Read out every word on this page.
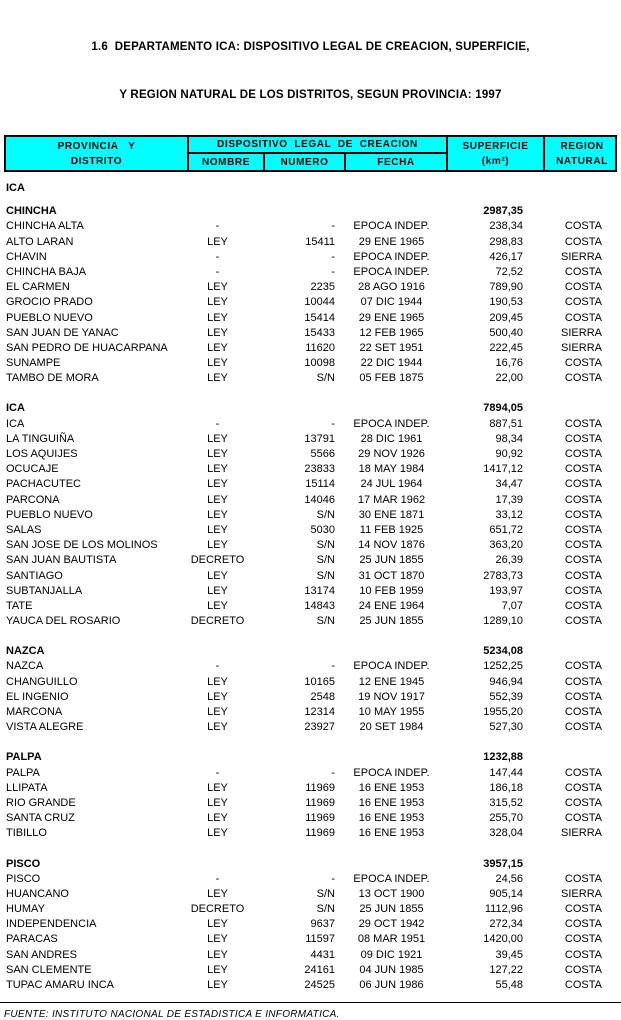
1.6  DEPARTAMENTO ICA: DISPOSITIVO LEGAL DE CREACION, SUPERFICIE,

Y REGION NATURAL DE LOS DISTRITOS, SEGUN PROVINCIA: 1997

PROVINCIA   Y
DISTRITO
DISPOSITIVO  LEGAL  DE  CREACION
NOMBRE	NUMERO	FECHA
SUPERFICIE
(km²)
REGION
NATURAL
ICA
CHINCHA	2987,35
CHINCHA ALTA	-	-	EPOCA INDEP.	238,34	COSTA
ALTO LARAN	LEY	15411	29 ENE 1965	298,83	COSTA
CHAVIN	-	-	EPOCA INDEP.	426,17	SIERRA
CHINCHA BAJA	-	-	EPOCA INDEP.	72,52	COSTA
EL CARMEN	LEY	2235	28 AGO 1916	789,90	COSTA
GROCIO PRADO	LEY	10044	07 DIC 1944	190,53	COSTA
PUEBLO NUEVO	LEY	15414	29 ENE 1965	209,45	COSTA
SAN JUAN DE YANAC	LEY	15433	12 FEB 1965	500,40	SIERRA
SAN PEDRO DE HUACARPANA	LEY	11620	22 SET 1951	222,45	SIERRA
SUNAMPE	LEY	10098	22 DIC 1944	16,76	COSTA
TAMBO DE MORA	LEY	S/N	05 FEB 1875	22,00	COSTA
ICA	7894,05
ICA	-	-	EPOCA INDEP.	887,51	COSTA
LA TINGUIÑA	LEY	13791	28 DIC 1961	98,34	COSTA
LOS AQUIJES	LEY	5566	29 NOV 1926	90,92	COSTA
OCUCAJE	LEY	23833	18 MAY 1984	1417,12	COSTA
PACHACUTEC	LEY	15114	24 JUL 1964	34,47	COSTA
PARCONA	LEY	14046	17 MAR 1962	17,39	COSTA
PUEBLO NUEVO	LEY	S/N	30 ENE 1871	33,12	COSTA
SALAS	LEY	5030	11 FEB 1925	651,72	COSTA
SAN JOSE DE LOS MOLINOS	LEY	S/N	14 NOV 1876	363,20	COSTA
SAN JUAN BAUTISTA	DECRETO	S/N	25 JUN 1855	26,39	COSTA
SANTIAGO	LEY	S/N	31 OCT 1870	2783,73	COSTA
SUBTANJALLA	LEY	13174	10 FEB 1959	193,97	COSTA
TATE	LEY	14843	24 ENE 1964	7,07	COSTA
YAUCA DEL ROSARIO	DECRETO	S/N	25 JUN 1855	1289,10	COSTA
NAZCA	5234,08
NAZCA	-	-	EPOCA INDEP.	1252,25	COSTA
CHANGUILLO	LEY	10165	12 ENE 1945	946,94	COSTA
EL INGENIO	LEY	2548	19 NOV 1917	552,39	COSTA
MARCONA	LEY	12314	10 MAY 1955	1955,20	COSTA
VISTA ALEGRE	LEY	23927	20 SET 1984	527,30	COSTA
PALPA	1232,88
PALPA	-	-	EPOCA INDEP.	147,44	COSTA
LLIPATA	LEY	11969	16 ENE 1953	186,18	COSTA
RIO GRANDE	LEY	11969	16 ENE 1953	315,52	COSTA
SANTA CRUZ	LEY	11969	16 ENE 1953	255,70	COSTA
TIBILLO	LEY	11969	16 ENE 1953	328,04	SIERRA
PISCO	3957,15
PISCO	-	-	EPOCA INDEP.	24,56	COSTA
HUANCANO	LEY	S/N	13 OCT 1900	905,14	SIERRA
HUMAY	DECRETO	S/N	25 JUN 1855	1112,96	COSTA
INDEPENDENCIA	LEY	9637	29 OCT 1942	272,34	COSTA
PARACAS	LEY	11597	08 MAR 1951	1420,00	COSTA
SAN ANDRES	LEY	4431	09 DIC 1921	39,45	COSTA
SAN CLEMENTE	LEY	24161	04 JUN 1985	127,22	COSTA
TUPAC AMARU INCA	LEY	24525	06 JUN 1986	55,48	COSTA
FUENTE: INSTITUTO NACIONAL DE ESTADISTICA E INFORMATICA.
